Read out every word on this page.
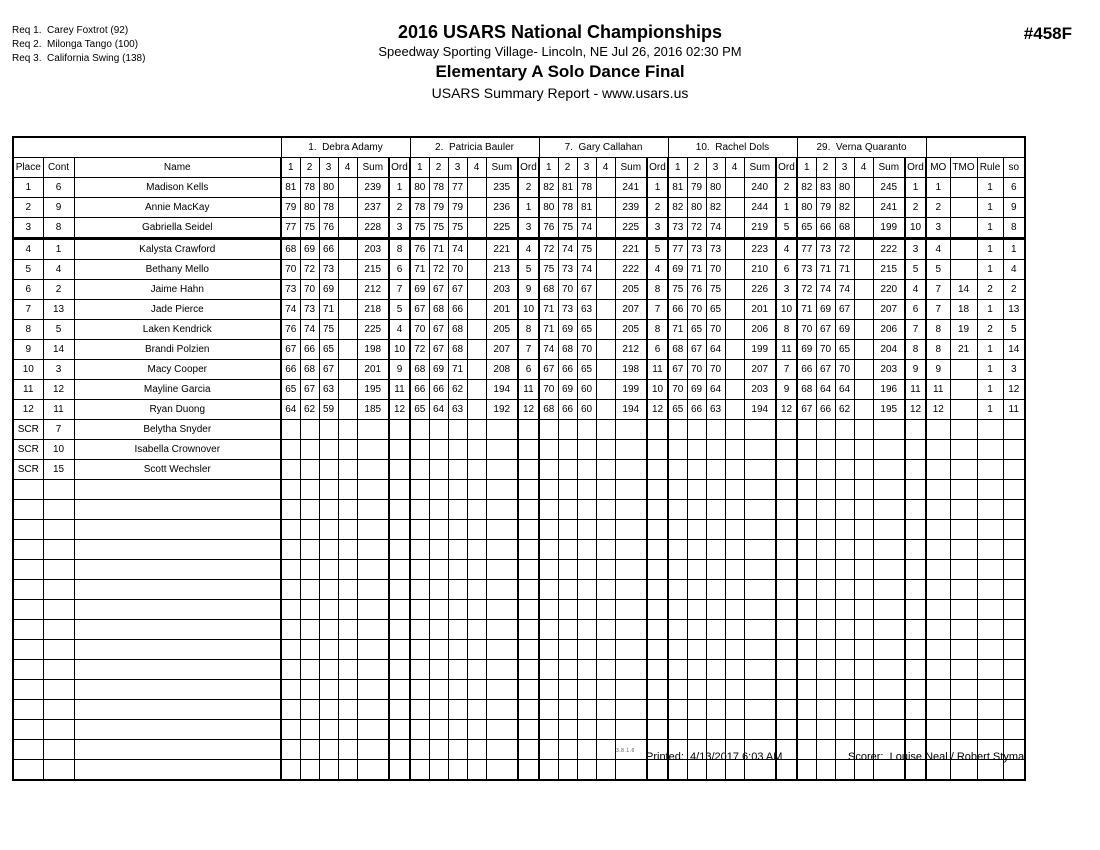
Req 1. Carey Foxtrot (92)
Req 2. Milonga Tango (100)
Req 3. California Swing (138)
2016 USARS National Championships
Speedway Sporting Village- Lincoln, NE Jul 26, 2016 02:30 PM
Elementary A Solo Dance Final
USARS Summary Report - www.usars.us
#458F
			1. Debra Adamy						2. Patricia Bauler						7. Gary Callahan						10. Rachel Dols						29. Verna Quaranto									
Place	Cont	Name	1	2	3	4	Sum	Ord	1	2	3	4	Sum	Ord	1	2	3	4	Sum	Ord	1	2	3	4	Sum	Ord	1	2	3	4	Sum	Ord	MO	TMO	Rule	so
1	6	Madison Kells	81	78	80		239	1	80	78	77		235	2	82	81	78		241	1	81	79	80		240	2	82	83	80		245	1	1		1	6
2	9	Annie MacKay	79	80	78		237	2	78	79	79		236	1	80	78	81		239	2	82	80	82		244	1	80	79	82		241	2	2		1	9
3	8	Gabriella Seidel	77	75	76		228	3	75	75	75		225	3	76	75	74		225	3	73	72	74		219	5	65	66	68		199	10	3		1	8
4	1	Kalysta Crawford	68	69	66		203	8	76	71	74		221	4	72	74	75		221	5	77	73	73		223	4	77	73	72		222	3	4		1	1
5	4	Bethany Mello	70	72	73		215	6	71	72	70		213	5	75	73	74		222	4	69	71	70		210	6	73	71	71		215	5	5		1	4
6	2	Jaime Hahn	73	70	69		212	7	69	67	67		203	9	68	70	67		205	8	75	76	75		226	3	72	74	74		220	4	7	14	2	2
7	13	Jade Pierce	74	73	71		218	5	67	68	66		201	10	71	73	63		207	7	66	70	65		201	10	71	69	67		207	6	7	18	1	13
8	5	Laken Kendrick	76	74	75		225	4	70	67	68		205	8	71	69	65		205	8	71	65	70		206	8	70	67	69		206	7	8	19	2	5
9	14	Brandi Polzien	67	66	65		198	10	72	67	68		207	7	74	68	70		212	6	68	67	64		199	11	69	70	65		204	8	8	21	1	14
10	3	Macy Cooper	66	68	67		201	9	68	69	71		208	6	67	66	65		198	11	67	70	70		207	7	66	67	70		203	9	9		1	3
11	12	Mayline Garcia	65	67	63		195	11	66	66	62		194	11	70	69	60		199	10	70	69	64		203	9	68	64	64		196	11	11		1	12
12	11	Ryan Duong	64	62	59		185	12	65	64	63		192	12	68	66	60		194	12	65	66	63		194	12	67	66	62		195	12	12		1	11
SCR	7	Belytha Snyder																																		
SCR	10	Isabella Crownover																																		
SCR	15	Scott Wechsler																																		

3.8.1.6 Printed: 4/13/2017 6:03 AM	Scorer: Louise Neal / Robert Styma
